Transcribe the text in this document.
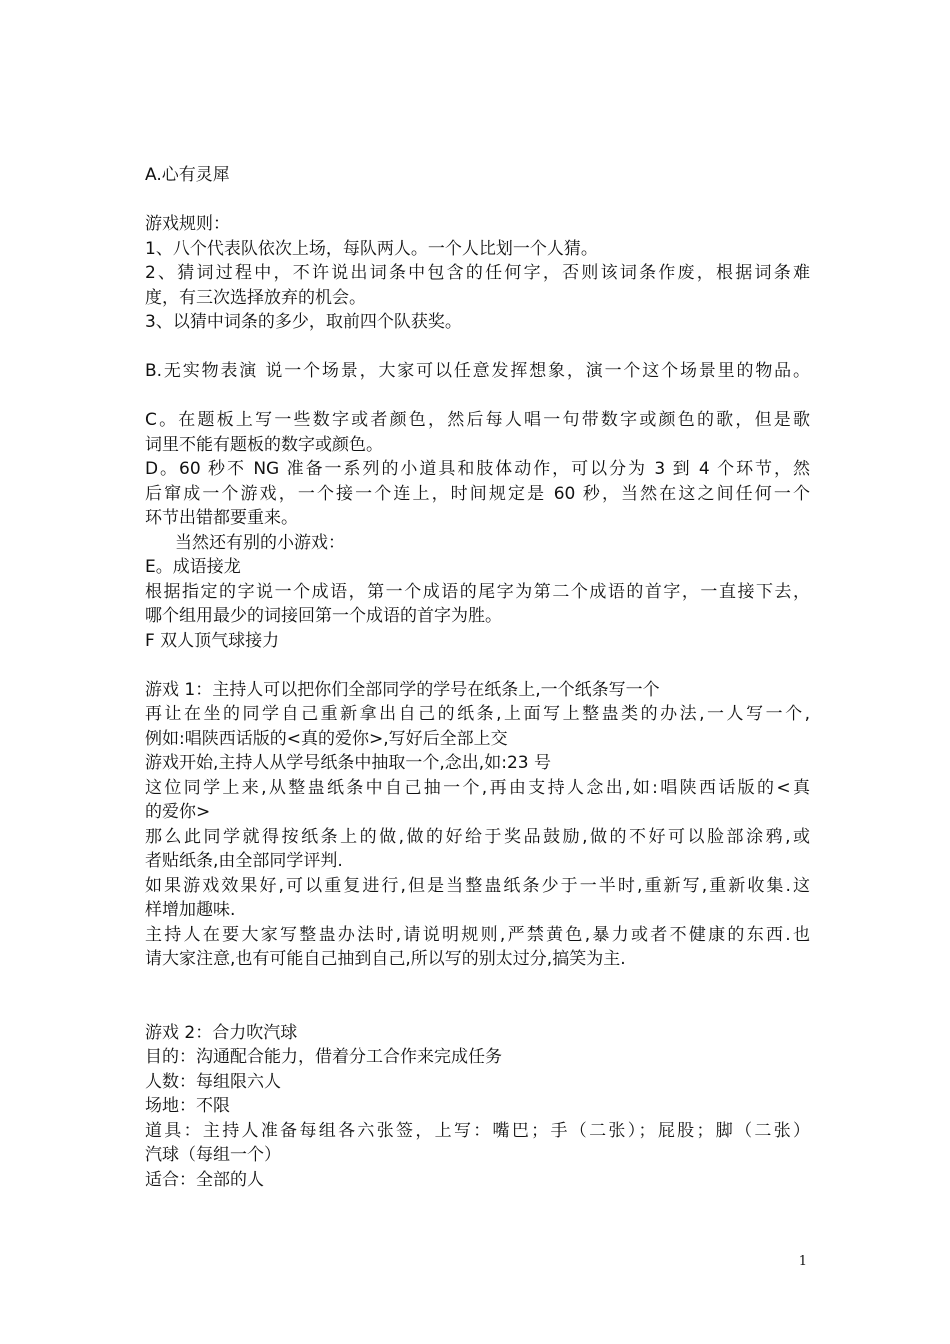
A.心有灵犀
游戏规则：
1、八个代表队依次上场，每队两人。一个人比划一个人猜。
2、猜词过程中，不许说出词条中包含的任何字，否则该词条作废，根据词条难
度，有三次选择放弃的机会。
3、以猜中词条的多少，取前四个队获奖。
B.无实物表演 说一个场景，大家可以任意发挥想象，演一个这个场景里的物品。
C。在题板上写一些数字或者颜色，然后每人唱一句带数字或颜色的歌，但是歌
词里不能有题板的数字或颜色。
D。60 秒不 NG 准备一系列的小道具和肢体动作，可以分为 3 到 4 个环节，然
后窜成一个游戏，一个接一个连上，时间规定是 60 秒，当然在这之间任何一个
环节出错都要重来。
当然还有别的小游戏：
E。成语接龙
根据指定的字说一个成语，第一个成语的尾字为第二个成语的首字，一直接下去，
哪个组用最少的词接回第一个成语的首字为胜。
F 双人顶气球接力
游戏 1：主持人可以把你们全部同学的学号在纸条上,一个纸条写一个
再让在坐的同学自己重新拿出自己的纸条,上面写上整蛊类的办法,一人写一个,
例如:唱陕西话版的<真的爱你>,写好后全部上交
游戏开始,主持人从学号纸条中抽取一个,念出,如:23 号
这位同学上来,从整蛊纸条中自己抽一个,再由支持人念出,如:唱陕西话版的<真
的爱你>
那么此同学就得按纸条上的做,做的好给于奖品鼓励,做的不好可以脸部涂鸦,或
者贴纸条,由全部同学评判.
如果游戏效果好,可以重复进行,但是当整蛊纸条少于一半时,重新写,重新收集.这
样增加趣味.
主持人在要大家写整蛊办法时,请说明规则,严禁黄色,暴力或者不健康的东西.也
请大家注意,也有可能自己抽到自己,所以写的别太过分,搞笑为主.
游戏 2：合力吹汽球
目的：沟通配合能力，借着分工合作来完成任务
人数：每组限六人
场地：不限
道具：主持人准备每组各六张签，上写：嘴巴；手（二张）；屁股；脚（二张）
汽球（每组一个）
适合：全部的人
1
